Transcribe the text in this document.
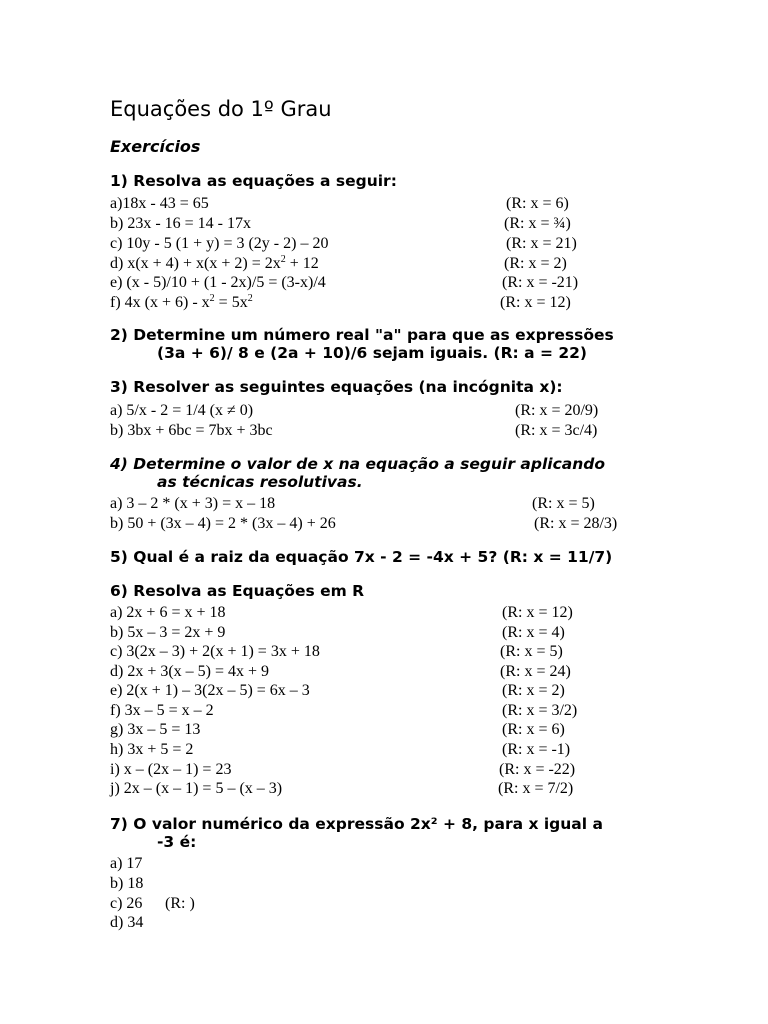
Equações do 1º Grau
Exercícios
1) Resolva as equações a seguir:
a)18x - 43 = 65	(R: x = 6)
b) 23x - 16 = 14 - 17x	(R: x = ¾)
c) 10y - 5 (1 + y) = 3 (2y - 2) – 20	(R: x = 21)
d) $x(x + 4) + x(x + 2) = 2x^2 + 12$	(R: x = 2)
e) (x - 5)/10 + (1 - 2x)/5 = (3-x)/4	(R: x = -21)
f) 4x $(x + 6) - x^2 = 5x^2$	(R: x = 12)
2) Determine um número real "a" para que as expressões
(3a + 6)/ 8 e (2a + 10)/6 sejam iguais. (R: a = 22)
3) Resolver as seguintes equações (na incógnita x):
a) 5/x - 2 = 1/4 (x ≠ 0)	(R: x = 20/9)
b) 3bx + 6bc = 7bx + 3bc	(R: x = 3c/4)
4) Determine o valor de x na equação a seguir aplicando
as técnicas resolutivas.
a) 3 – 2 * (x + 3) = x – 18	(R: x = 5)
b) 50 + (3x – 4) = 2 * (3x – 4) + 26	(R: x = 28/3)
5) Qual é a raiz da equação 7x - 2 = -4x + 5? (R: x = 11/7)
6) Resolva as Equações em R
a) 2x + 6 = x + 18	(R: x = 12)
b) 5x – 3 = 2x + 9	(R: x = 4)
c) 3(2x – 3) + 2(x + 1) = 3x + 18	(R: x = 5)
d) 2x + 3(x – 5) = 4x + 9	(R: x = 24)
e) 2(x + 1) – 3(2x – 5) = 6x – 3	(R: x = 2)
f) 3x – 5 = x – 2	(R: x = 3/2)
g) 3x – 5 = 13	(R: x = 6)
h) 3x + 5 = 2	(R: x = -1)
i) x – (2x – 1) = 23	(R: x = -22)
j) 2x – (x – 1) = 5 – (x – 3)	(R: x = 7/2)
7) O valor numérico da expressão 2x² + 8, para x igual a
-3 é:
a) 17
b) 18
c) 26 (R: )
d) 34
